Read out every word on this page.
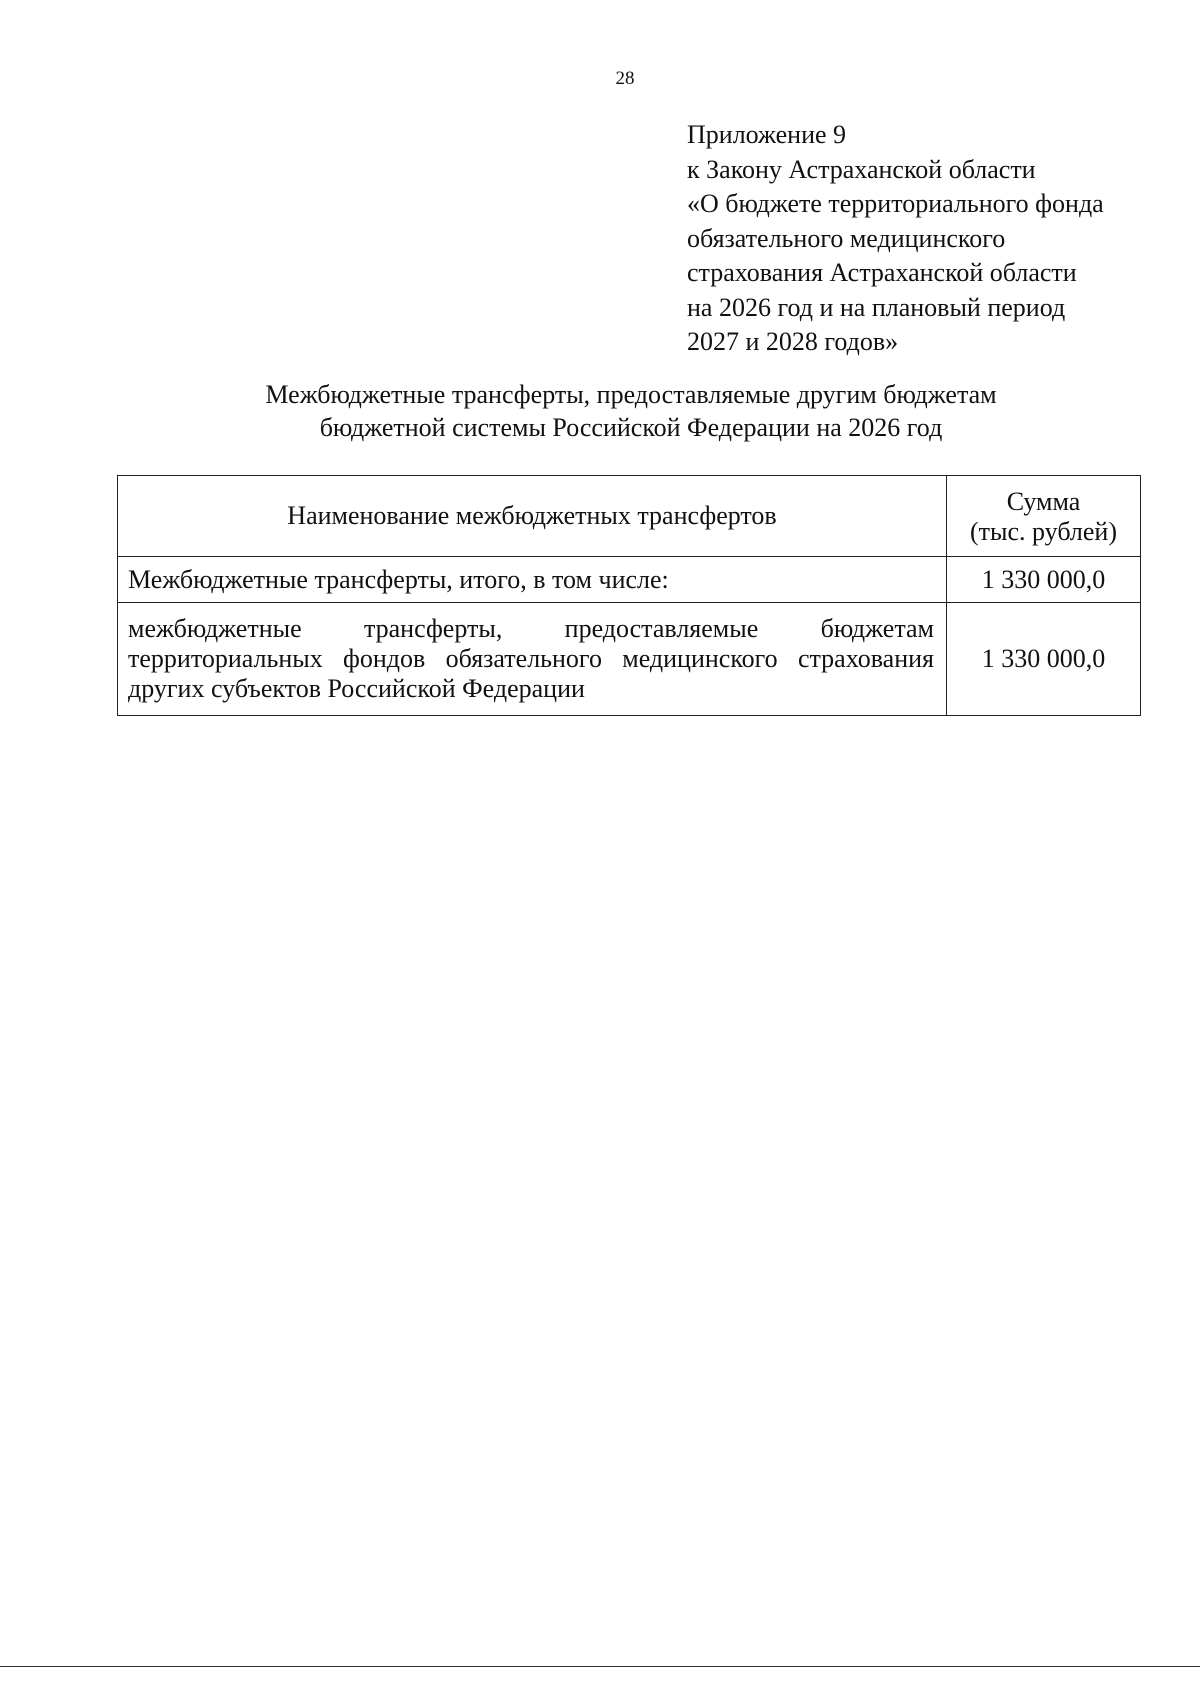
28
Приложение 9
к Закону Астраханской области
«О бюджете территориального фонда
обязательного медицинского
страхования Астраханской области
на 2026 год и на плановый период
2027 и 2028 годов»
Межбюджетные трансферты, предоставляемые другим бюджетам
бюджетной системы Российской Федерации на 2026 год
Наименование межбюджетных трансфертов	Сумма
(тыс. рублей)

Межбюджетные трансферты, итого, в том числе:	1 330 000,0
межбюджетные трансферты, предоставляемые бюджетам территориальных фондов обязательного медицинского страхования других субъектов Российской Федерации	1 330 000,0
